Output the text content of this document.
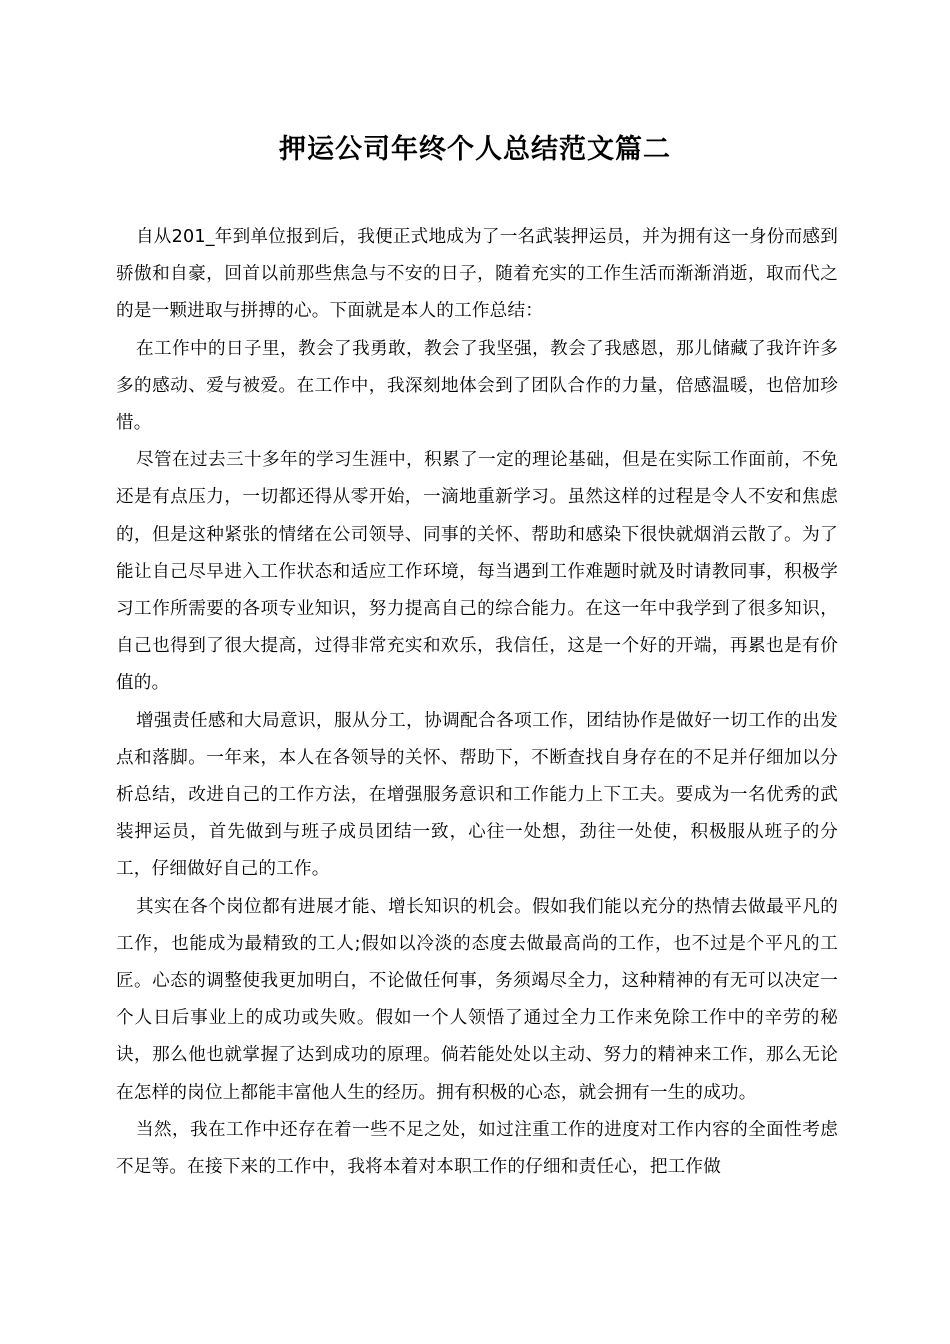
押运公司年终个人总结范文篇二

自从201_年到单位报到后，我便正式地成为了一名武装押运员，并为拥有这一身份而感到骄傲和自豪，回首以前那些焦急与不安的日子，随着充实的工作生活而渐渐消逝，取而代之的是一颗进取与拼搏的心。下面就是本人的工作总结：

在工作中的日子里，教会了我勇敢，教会了我坚强，教会了我感恩，那儿储藏了我许许多多的感动、爱与被爱。在工作中，我深刻地体会到了团队合作的力量，倍感温暖，也倍加珍惜。

尽管在过去三十多年的学习生涯中，积累了一定的理论基础，但是在实际工作面前，不免还是有点压力，一切都还得从零开始，一滴地重新学习。虽然这样的过程是令人不安和焦虑的，但是这种紧张的情绪在公司领导、同事的关怀、帮助和感染下很快就烟消云散了。为了能让自己尽早进入工作状态和适应工作环境，每当遇到工作难题时就及时请教同事，积极学习工作所需要的各项专业知识，努力提高自己的综合能力。在这一年中我学到了很多知识，自己也得到了很大提高，过得非常充实和欢乐，我信任，这是一个好的开端，再累也是有价值的。

增强责任感和大局意识，服从分工，协调配合各项工作，团结协作是做好一切工作的出发点和落脚。一年来，本人在各领导的关怀、帮助下，不断查找自身存在的不足并仔细加以分析总结，改进自己的工作方法，在增强服务意识和工作能力上下工夫。要成为一名优秀的武装押运员，首先做到与班子成员团结一致，心往一处想，劲往一处使，积极服从班子的分工，仔细做好自己的工作。

其实在各个岗位都有进展才能、增长知识的机会。假如我们能以充分的热情去做最平凡的工作，也能成为最精致的工人;假如以冷淡的态度去做最高尚的工作，也不过是个平凡的工匠。心态的调整使我更加明白，不论做任何事，务须竭尽全力，这种精神的有无可以决定一个人日后事业上的成功或失败。假如一个人领悟了通过全力工作来免除工作中的辛劳的秘诀，那么他也就掌握了达到成功的原理。倘若能处处以主动、努力的精神来工作，那么无论在怎样的岗位上都能丰富他人生的经历。拥有积极的心态，就会拥有一生的成功。

当然，我在工作中还存在着一些不足之处，如过注重工作的进度对工作内容的全面性考虑不足等。在接下来的工作中，我将本着对本职工作的仔细和责任心，把工作做
